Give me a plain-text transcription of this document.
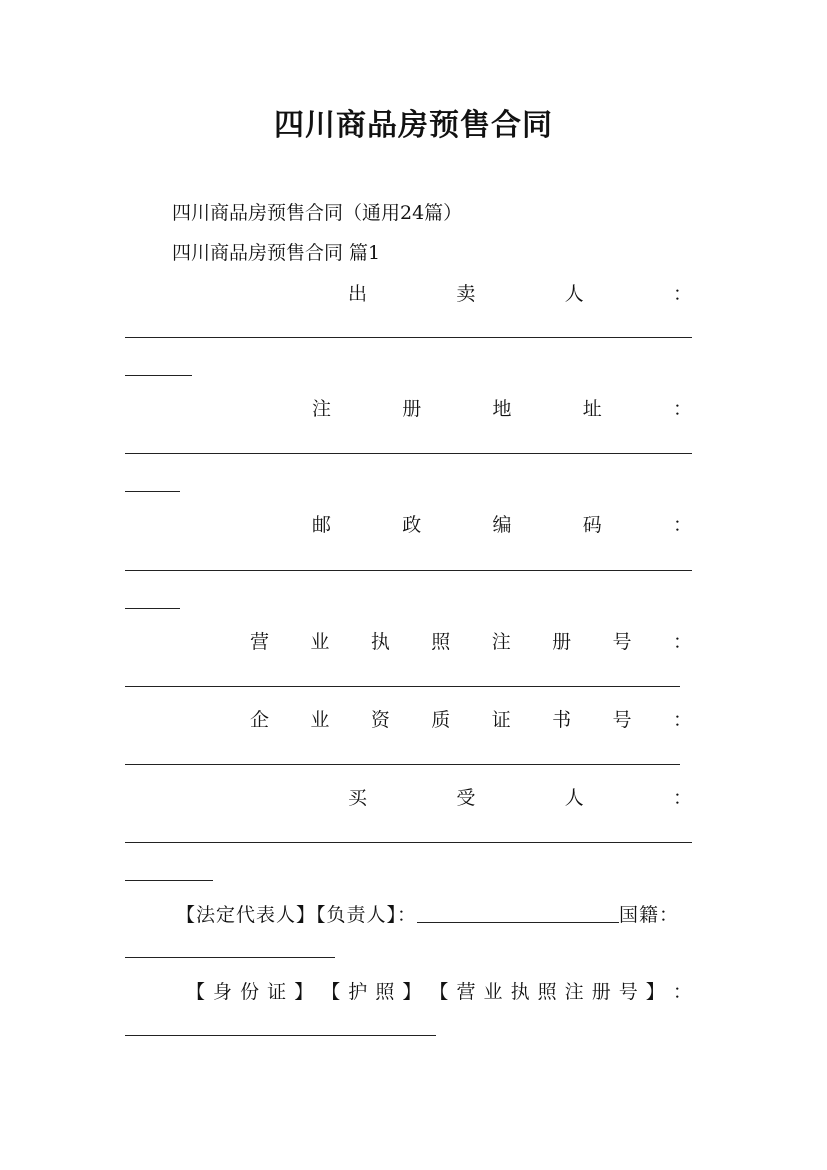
四川商品房预售合同
四川商品房预售合同（通用24篇）
四川商品房预售合同 篇1
出	卖	人	：
注	册	地	址	：
邮	政	编	码	：
营 业 执 照 注 册 号 ：
企 业 资 质 证 书 号 ：
买	受	人	：
【法定代表人】【负责人】：	国籍：
【 身 份 证 】 【 护 照 】 【 营 业 执 照 注 册 号 】 ：
